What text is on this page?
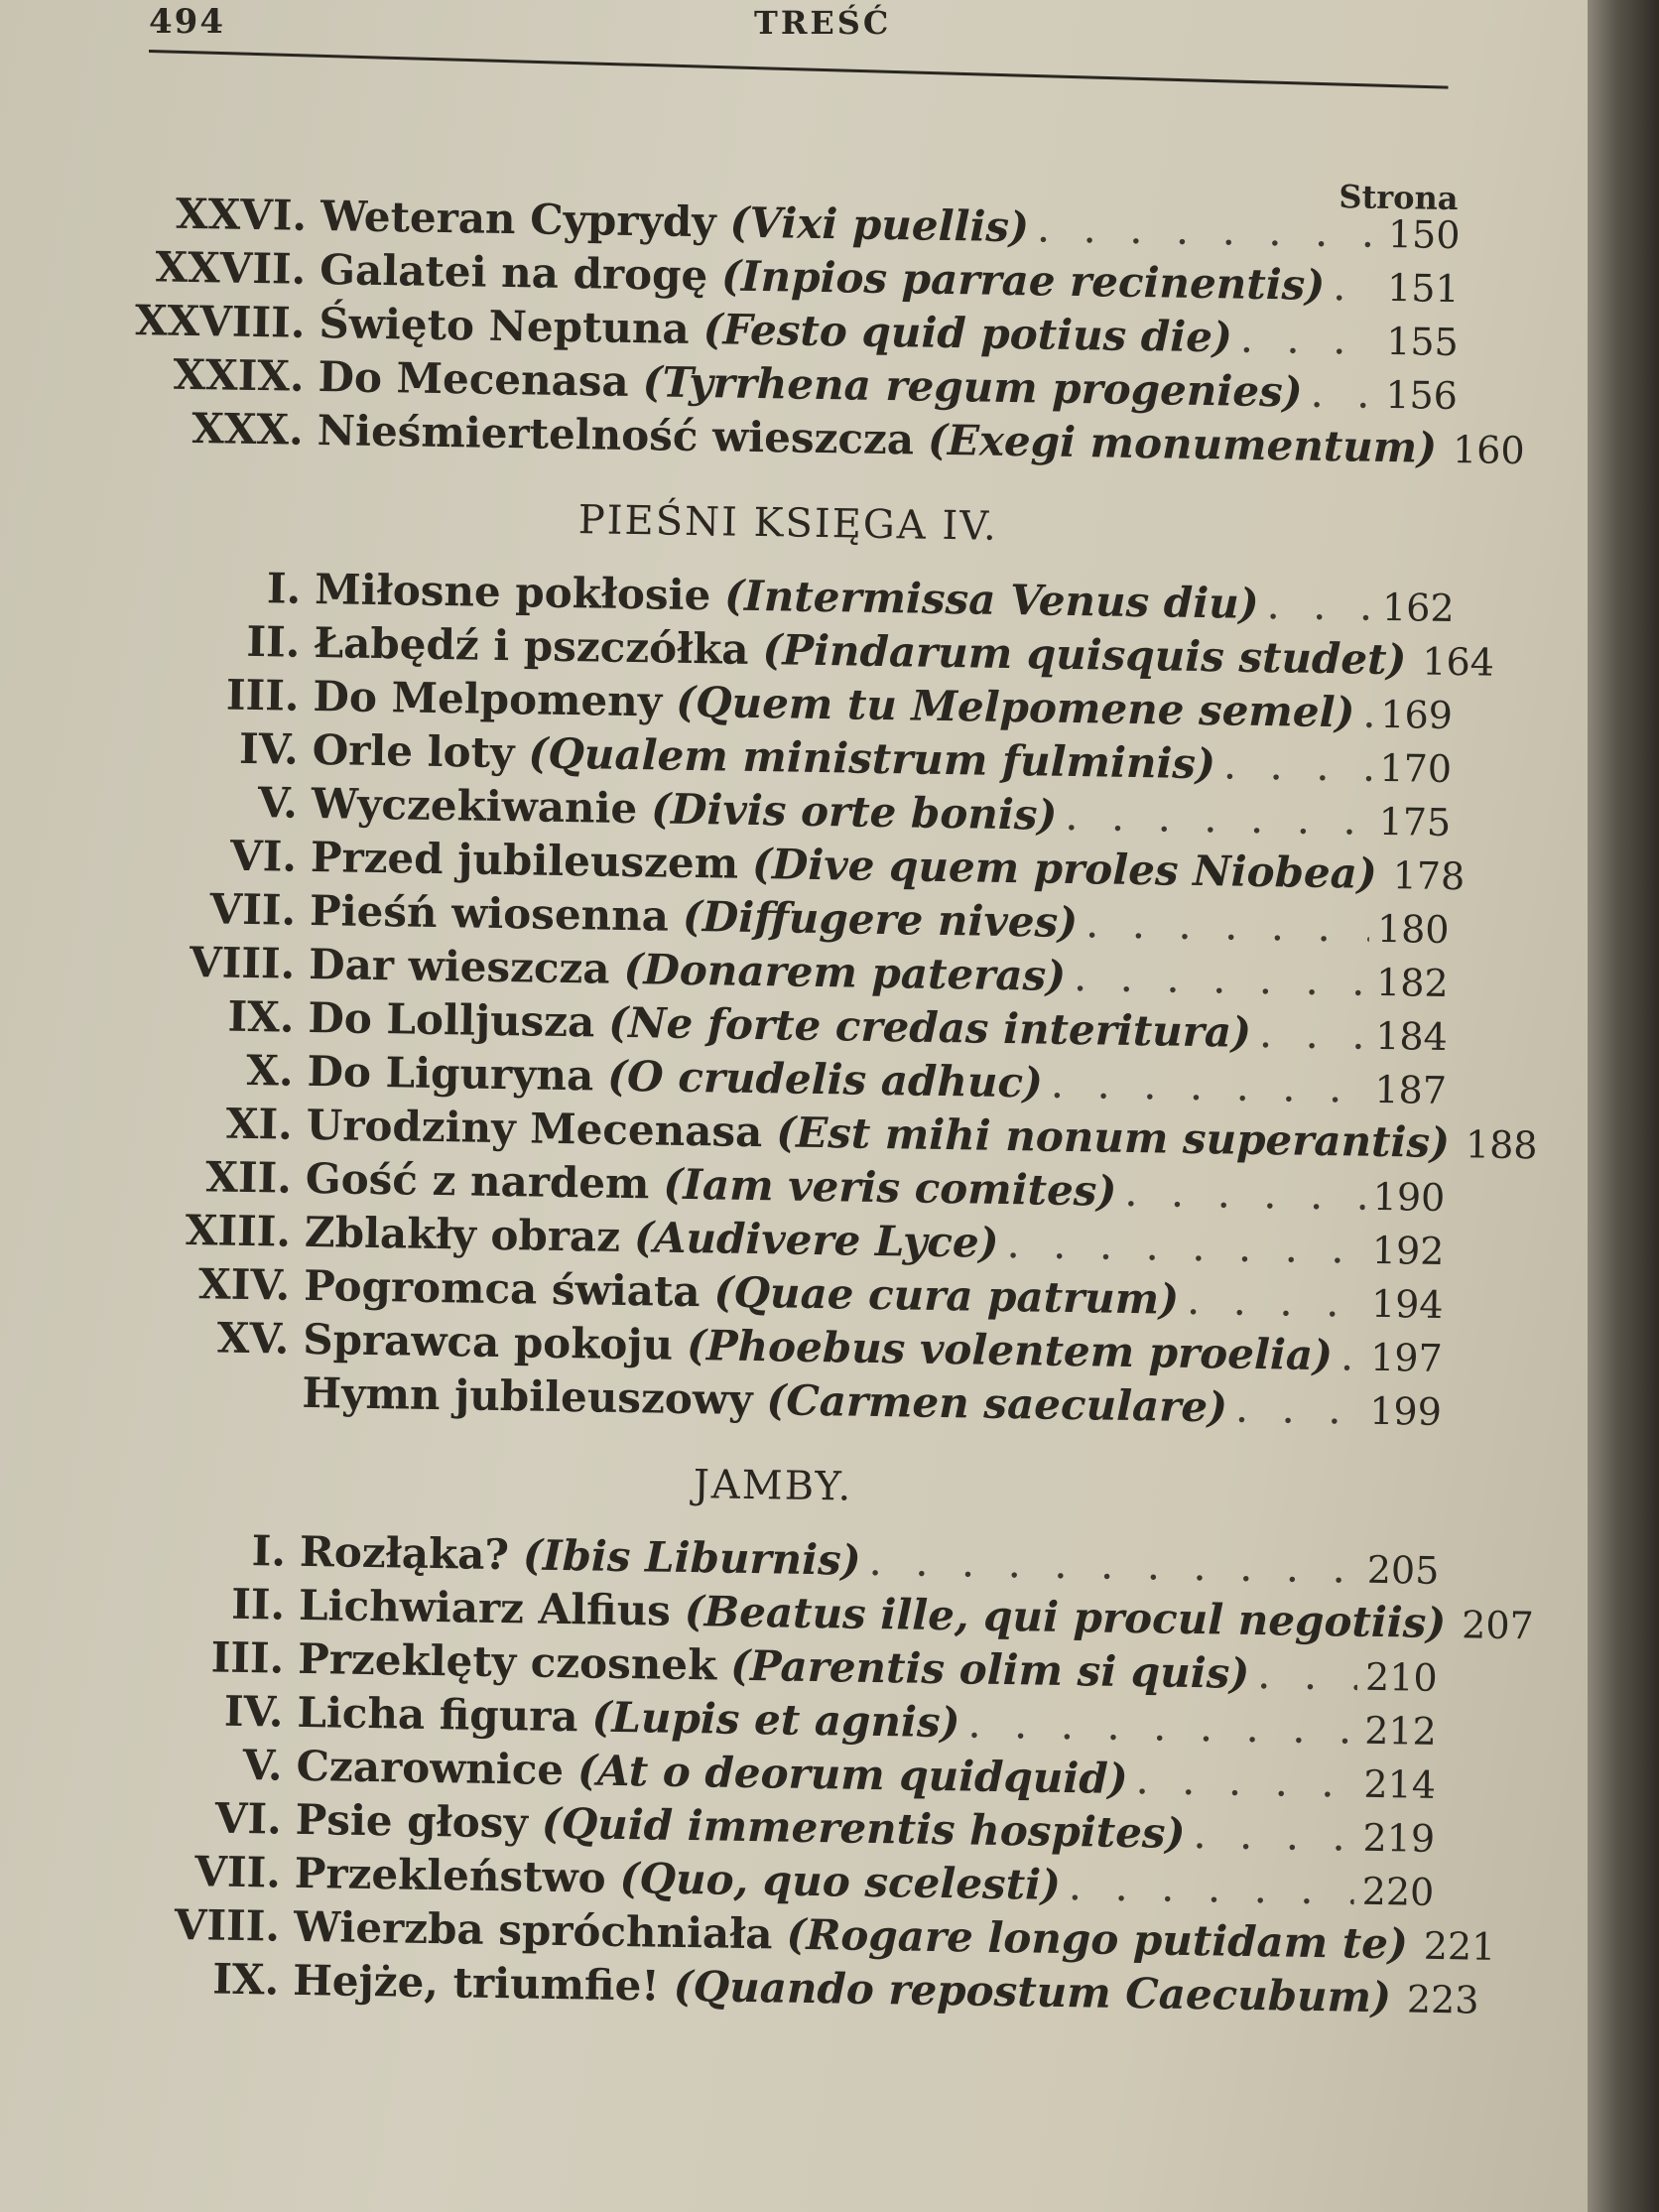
494	TREŚĆ
Strona
XXVI. Weteran Cyprydy (Vixi puellis) . . .	150
XXVII. Galatei na drogę (Inpios parrae recinentis) . . . 151
XXVIII. Święto Neptuna (Festo quid potius die) . . .	155
XXIX. Do Mecenasa (Tyrrhena regum progenies) . . . 156
XXX. Nieśmiertelność wieszcza (Exegi monumentum) . . . 160
PIEŚNI KSIĘGA IV.
I. Miłosne pokłosie (Intermissa Venus diu) . . .	162
II. Łabędź i pszczółka (Pindarum quisquis studet) . . . 164
III. Do Melpomeny (Quem tu Melpomene semel) . . . 169
IV. Orle loty (Qualem ministrum fulminis) . . .	170
V. Wyczekiwanie (Divis orte bonis) . . .	175
VI. Przed jubileuszem (Dive quem proles Niobea) . . . 178
VII. Pieśń wiosenna (Diffugere nives) . . .	180
VIII. Dar wieszcza (Donarem pateras) . . .	182
IX. Do Lolljusza (Ne forte credas interitura) . . .	184
X. Do Liguryna (O crudelis adhuc) . . .	187
XI. Urodziny Mecenasa (Est mihi nonum superantis) . . . 188
XII. Gość z nardem (Iam veris comites) . . .	190
XIII. Zblakły obraz (Audivere Lyce) . . .	192
XIV. Pogromca świata (Quae cura patrum) . . .	194
XV. Sprawca pokoju (Phoebus volentem proelia) . . . 197
Hymn jubileuszowy (Carmen saeculare) . . .	199
JAMBY.
I. Rozłąka? (Ibis Liburnis) . . .	205
II. Lichwiarz Alfius (Beatus ille, qui procul negotiis) . . . 207
III. Przeklęty czosnek (Parentis olim si quis) . . .	210
IV. Licha figura (Lupis et agnis) . . .	212
V. Czarownice (At o deorum quidquid) . . .	214
VI. Psie głosy (Quid immerentis hospites) . . .	219
VII. Przekleństwo (Quo, quo scelesti) . . .	220
VIII. Wierzba spróchniała (Rogare longo putidam te) . . . 221
IX. Hejże, triumfie! (Quando repostum Caecubum) . . . 223
